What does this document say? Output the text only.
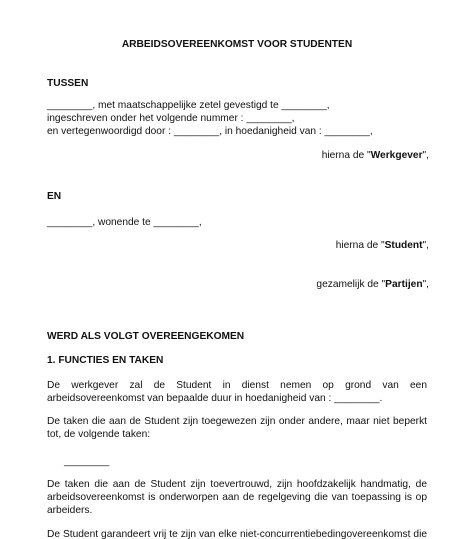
ARBEIDSOVEREENKOMST VOOR STUDENTEN
TUSSEN
________, met maatschappelijke zetel gevestigd te ________,
ingeschreven onder het volgende nummer : ________,
en vertegenwoordigd door : ________, in hoedanigheid van : ________,
hierna de "Werkgever",
EN
________, wonende te ________,
hierna de "Student",
gezamelijk de "Partijen",
WERD ALS VOLGT OVEREENGEKOMEN
1. FUNCTIES EN TAKEN
De werkgever zal de Student in dienst nemen op grond van een
arbeidsovereenkomst van bepaalde duur in hoedanigheid van : ________.
De taken die aan de Student zijn toegewezen zijn onder andere, maar niet beperkt
tot, de volgende taken:
________
De taken die aan de Student zijn toevertrouwd, zijn hoofdzakelijk handmatig, de
arbeidsovereenkomst is onderworpen aan de regelgeving die van toepassing is op
arbeiders.
De Student garandeert vrij te zijn van elke niet-concurrentiebedingovereenkomst die
